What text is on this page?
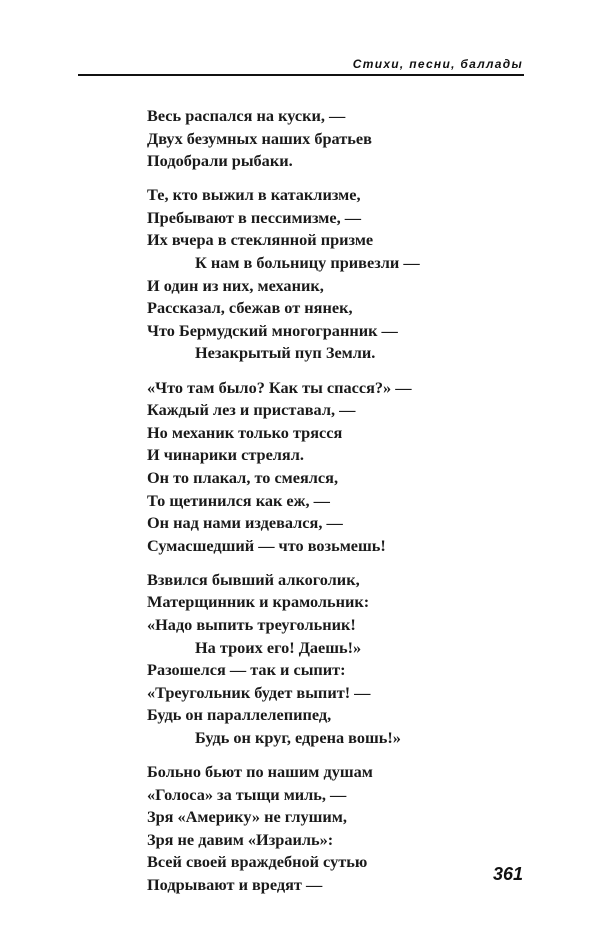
Стихи, песни, баллады
Весь распался на куски, —
Двух безумных наших братьев
Подобрали рыбаки.
Те, кто выжил в катаклизме,
Пребывают в пессимизме, —
Их вчера в стеклянной призме
К нам в больницу привезли —
И один из них, механик,
Рассказал, сбежав от нянек,
Что Бермудский многогранник —
Незакрытый пуп Земли.
«Что там было? Как ты спасся?» —
Каждый лез и приставал, —
Но механик только трясся
И чинарики стрелял.
Он то плакал, то смеялся,
То щетинился как еж, —
Он над нами издевался, —
Сумасшедший — что возьмешь!
Взвился бывший алкоголик,
Матерщинник и крамольник:
«Надо выпить треугольник!
На троих его! Даешь!»
Разошелся — так и сыпит:
«Треугольник будет выпит! —
Будь он параллелепипед,
Будь он круг, едрена вошь!»
Больно бьют по нашим душам
«Голоса» за тыщи миль, —
Зря «Америку» не глушим,
Зря не давим «Израиль»:
Всей своей враждебной сутью
Подрывают и вредят —
361
